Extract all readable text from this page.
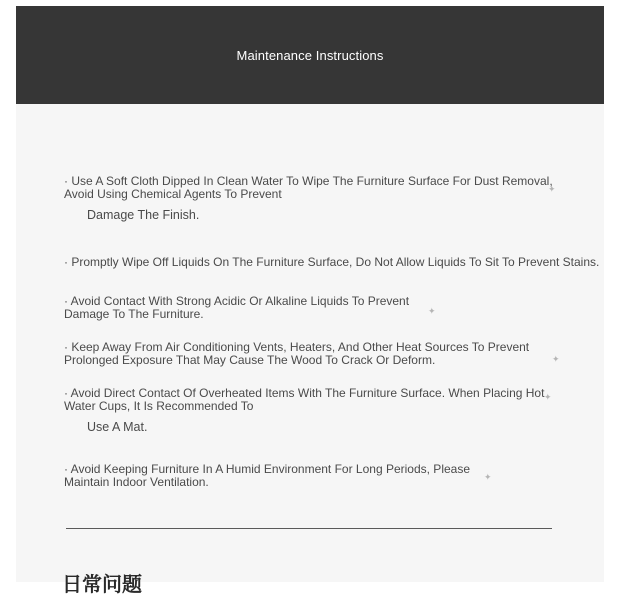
Maintenance Instructions
· Use A Soft Cloth Dipped In Clean Water To Wipe The Furniture Surface For Dust Removal,
Avoid Using Chemical Agents To Prevent
Damage The Finish.
· Promptly Wipe Off Liquids On The Furniture Surface, Do Not Allow Liquids To Sit To Prevent Stains.
· Avoid Contact With Strong Acidic Or Alkaline Liquids To Prevent
Damage To The Furniture.
· Keep Away From Air Conditioning Vents, Heaters, And Other Heat Sources To Prevent
Prolonged Exposure That May Cause The Wood To Crack Or Deform.
· Avoid Direct Contact Of Overheated Items With The Furniture Surface. When Placing Hot
Water Cups, It Is Recommended To
Use A Mat.
· Avoid Keeping Furniture In A Humid Environment For Long Periods, Please
Maintain Indoor Ventilation.
✦
✦
✦
✦
✦
日常问题
